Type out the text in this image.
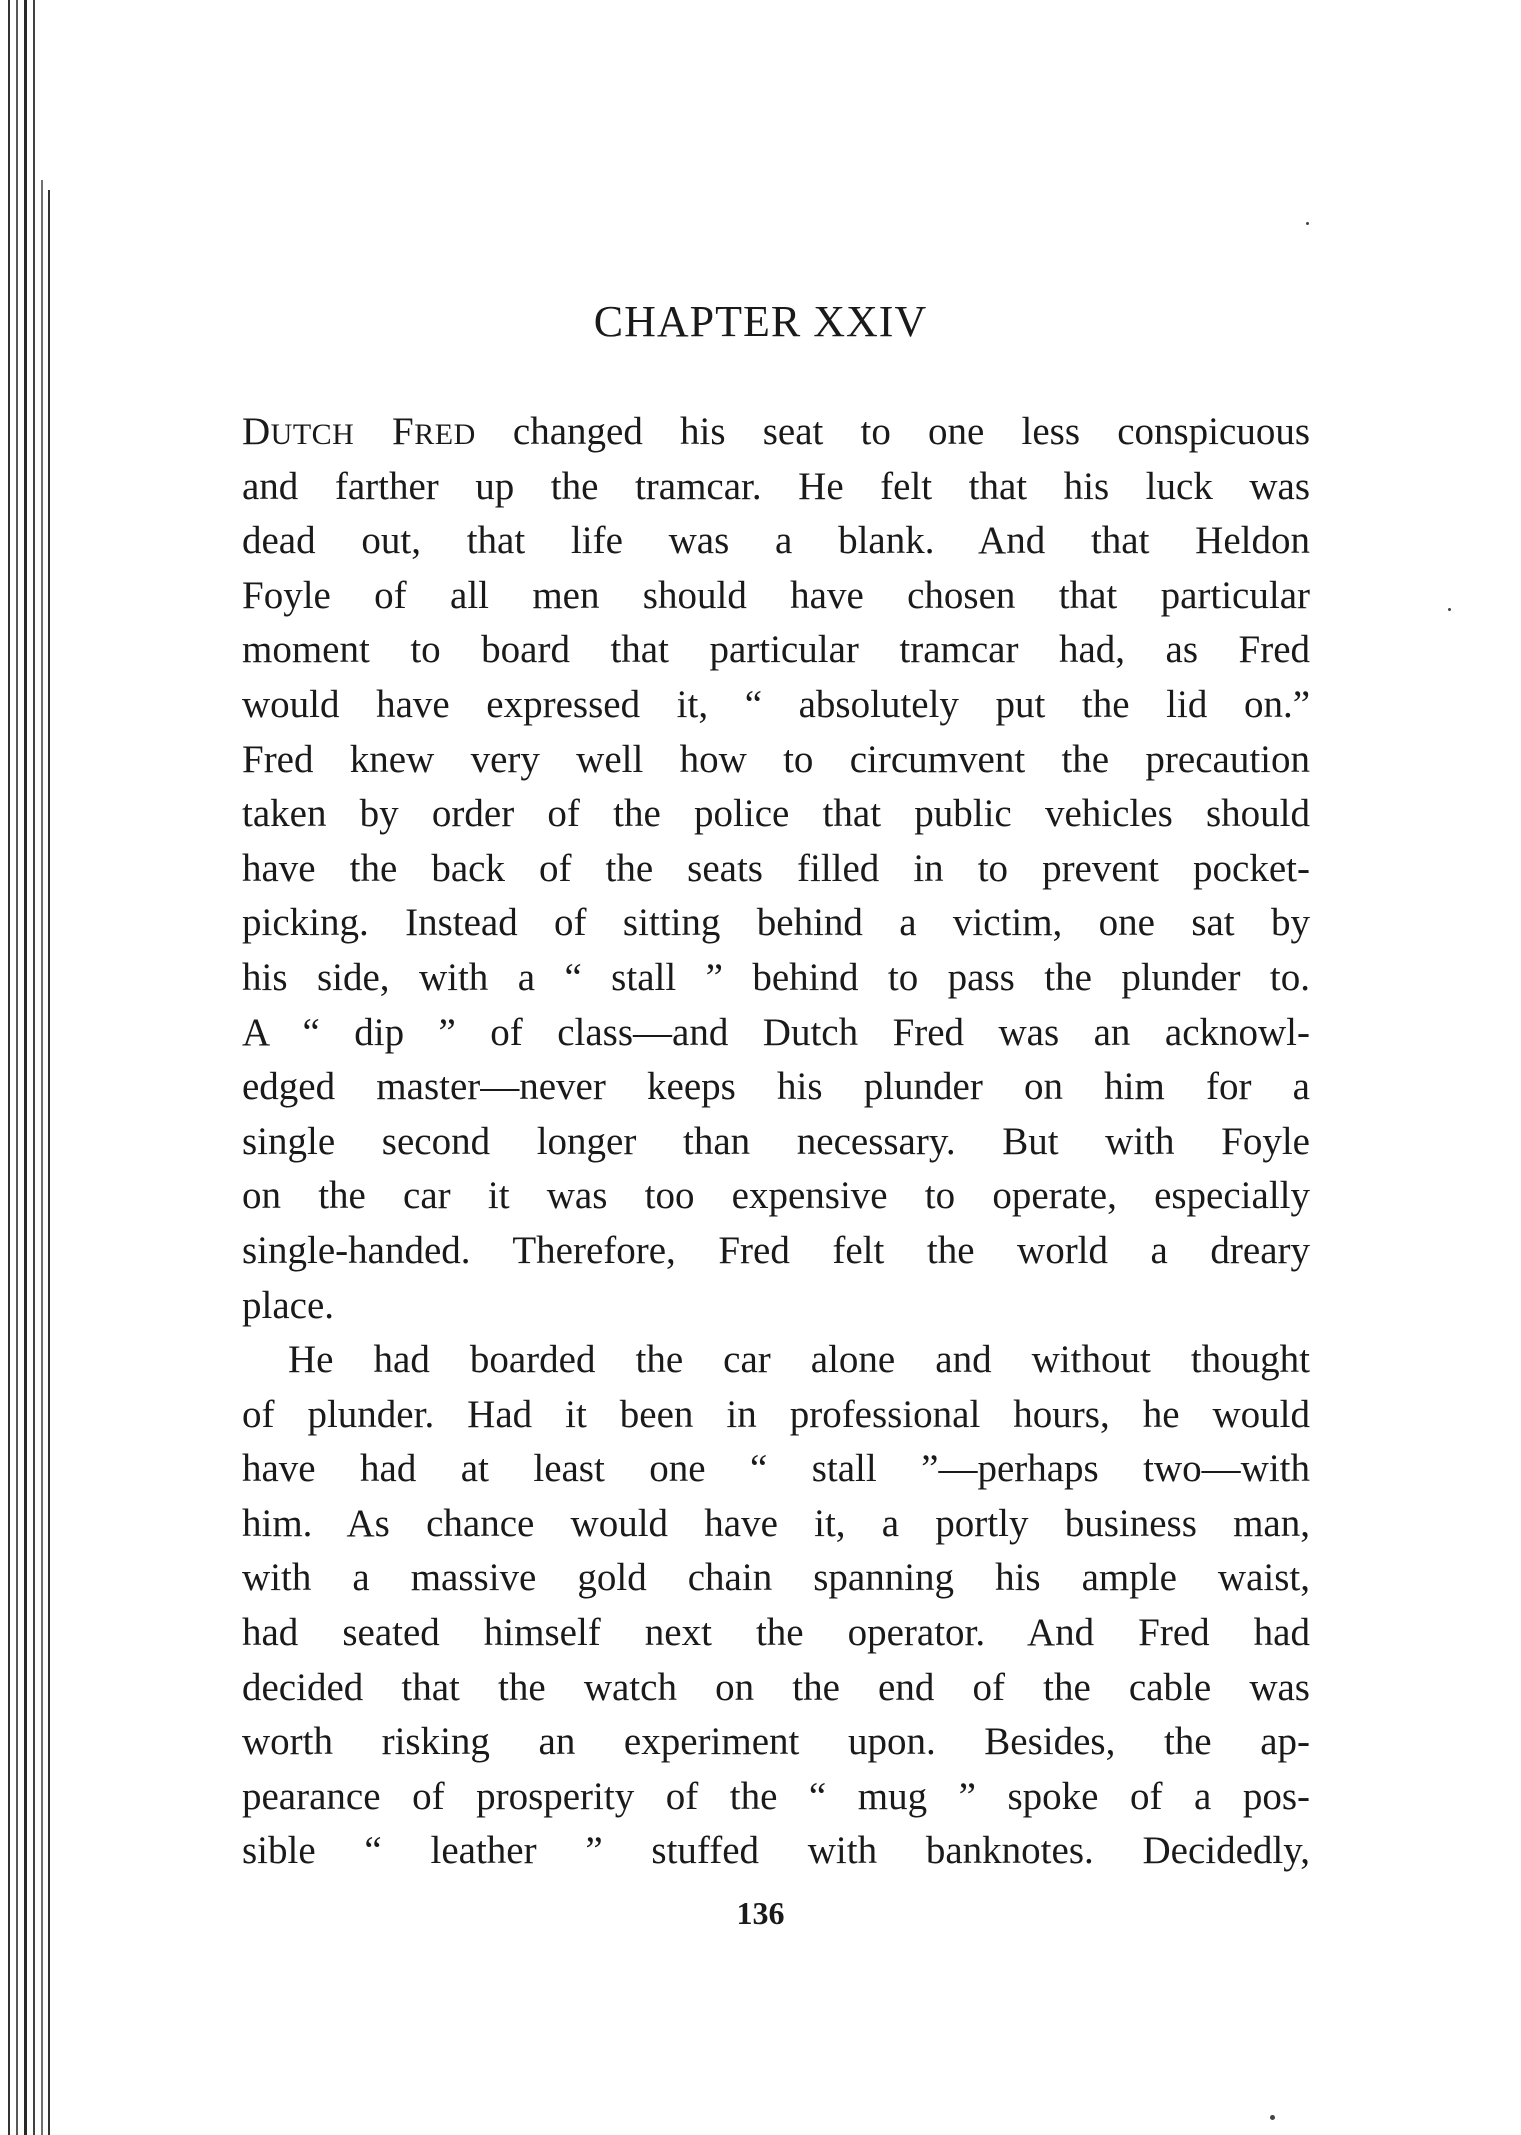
CHAPTER XXIV
DUTCH FRED changed his seat to one less conspicuous
and farther up the tramcar. He felt that his luck was
dead out, that life was a blank. And that Heldon
Foyle of all men should have chosen that particular
moment to board that particular tramcar had, as Fred
would have expressed it, “ absolutely put the lid on.”
Fred knew very well how to circumvent the precaution
taken by order of the police that public vehicles should
have the back of the seats filled in to prevent pocket-
picking. Instead of sitting behind a victim, one sat by
his side, with a “ stall ” behind to pass the plunder to.
A “ dip ” of class—and Dutch Fred was an acknowl-
edged master—never keeps his plunder on him for a
single second longer than necessary. But with Foyle
on the car it was too expensive to operate, especially
single-handed. Therefore, Fred felt the world a dreary
place.
He had boarded the car alone and without thought
of plunder. Had it been in professional hours, he would
have had at least one “ stall ”—perhaps two—with
him. As chance would have it, a portly business man,
with a massive gold chain spanning his ample waist,
had seated himself next the operator. And Fred had
decided that the watch on the end of the cable was
worth risking an experiment upon. Besides, the ap-
pearance of prosperity of the “ mug ” spoke of a pos-
sible “ leather ” stuffed with banknotes. Decidedly,
136
